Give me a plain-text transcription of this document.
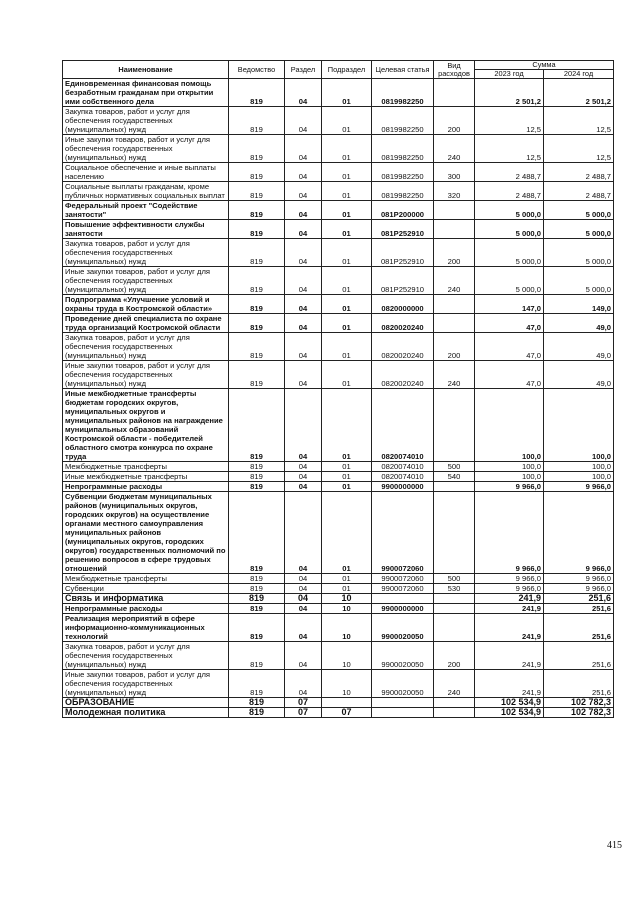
Наименование	Ведомство	Раздел	Подраздел	Целевая статья	Вид расходов	Сумма	
						2023 год	2024 год
Единовременная финансовая помощь безработным гражданам при открытии ими собственного дела	819	04	01	0819982250		2 501,2	2 501,2
Закупка товаров, работ и услуг для обеспечения государственных (муниципальных) нужд	819	04	01	0819982250	200	12,5	12,5
Иные закупки товаров, работ и услуг для обеспечения государственных (муниципальных) нужд	819	04	01	0819982250	240	12,5	12,5
Социальное обеспечение и иные выплаты населению	819	04	01	0819982250	300	2 488,7	2 488,7
Социальные выплаты гражданам, кроме публичных нормативных социальных выплат	819	04	01	0819982250	320	2 488,7	2 488,7
Федеральный проект "Содействие занятости"	819	04	01	081P200000		5 000,0	5 000,0
Повышение эффективности службы занятости	819	04	01	081P252910		5 000,0	5 000,0
Закупка товаров, работ и услуг для обеспечения государственных (муниципальных) нужд	819	04	01	081P252910	200	5 000,0	5 000,0
Иные закупки товаров, работ и услуг для обеспечения государственных (муниципальных) нужд	819	04	01	081P252910	240	5 000,0	5 000,0
Подпрограмма «Улучшение условий и охраны труда в Костромской области»	819	04	01	0820000000		147,0	149,0
Проведение дней специалиста по охране труда организаций Костромской области	819	04	01	0820020240		47,0	49,0
Закупка товаров, работ и услуг для обеспечения государственных (муниципальных) нужд	819	04	01	0820020240	200	47,0	49,0
Иные закупки товаров, работ и услуг для обеспечения государственных (муниципальных) нужд	819	04	01	0820020240	240	47,0	49,0
Иные межбюджетные трансферты бюджетам городских округов, муниципальных округов и муниципальных районов на награждение муниципальных образований Костромской области - победителей областного смотра конкурса по охране труда	819	04	01	0820074010		100,0	100,0
Межбюджетные трансферты	819	04	01	0820074010	500	100,0	100,0
Иные межбюджетные трансферты	819	04	01	0820074010	540	100,0	100,0
Непрограммные расходы	819	04	01	9900000000		9 966,0	9 966,0
Субвенции бюджетам муниципальных районов (муниципальных округов, городских округов) на осуществление органами местного самоуправления муниципальных районов (муниципальных округов, городских округов) государственных полномочий по решению вопросов в сфере трудовых отношений	819	04	01	9900072060		9 966,0	9 966,0
Межбюджетные трансферты	819	04	01	9900072060	500	9 966,0	9 966,0
Субвенции	819	04	01	9900072060	530	9 966,0	9 966,0
Связь и информатика	819	04	10			241,9	251,6
Непрограммные расходы	819	04	10	9900000000		241,9	251,6
Реализация мероприятий в сфере информационно-коммуникационных технологий	819	04	10	9900020050		241,9	251,6
Закупка товаров, работ и услуг для обеспечения государственных (муниципальных) нужд	819	04	10	9900020050	200	241,9	251,6
Иные закупки товаров, работ и услуг для обеспечения государственных (муниципальных) нужд	819	04	10	9900020050	240	241,9	251,6
ОБРАЗОВАНИЕ	819	07				102 534,9	102 782,3
Молодежная политика	819	07	07			102 534,9	102 782,3
415
